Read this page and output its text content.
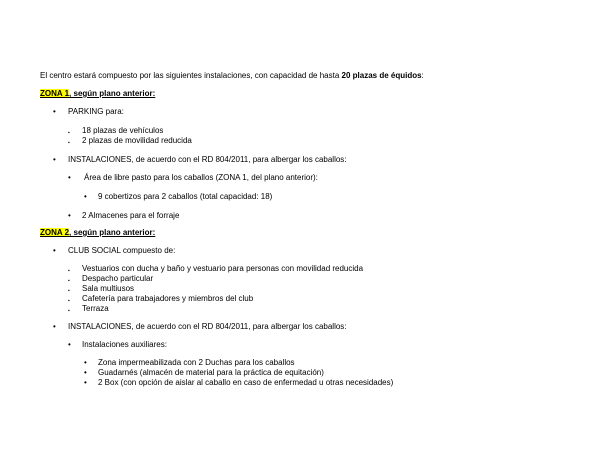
El centro estará compuesto por las siguientes instalaciones, con capacidad de hasta 20 plazas de équidos:
ZONA 1, según plano anterior:
• PARKING para:
▪ 18 plazas de vehículos
▪ 2 plazas de movilidad reducida
• INSTALACIONES, de acuerdo con el RD 804/2011, para albergar los caballos:
• Área de libre pasto para los caballos (ZONA 1, del plano anterior):
• 9 cobertizos para 2 caballos (total capacidad: 18)
• 2 Almacenes para el forraje
ZONA 2, según plano anterior:
• CLUB SOCIAL compuesto de:
▪ Vestuarios con ducha y baño y vestuario para personas con movilidad reducida
▪ Despacho particular
▪ Sala multiusos
▪ Cafetería para trabajadores y miembros del club
▪ Terraza
• INSTALACIONES, de acuerdo con el RD 804/2011, para albergar los caballos:
• Instalaciones auxiliares:
• Zona impermeabilizada con 2 Duchas para los caballos
• Guadarnés (almacén de material para la práctica de equitación)
• 2 Box (con opción de aislar al caballo en caso de enfermedad u otras necesidades)
